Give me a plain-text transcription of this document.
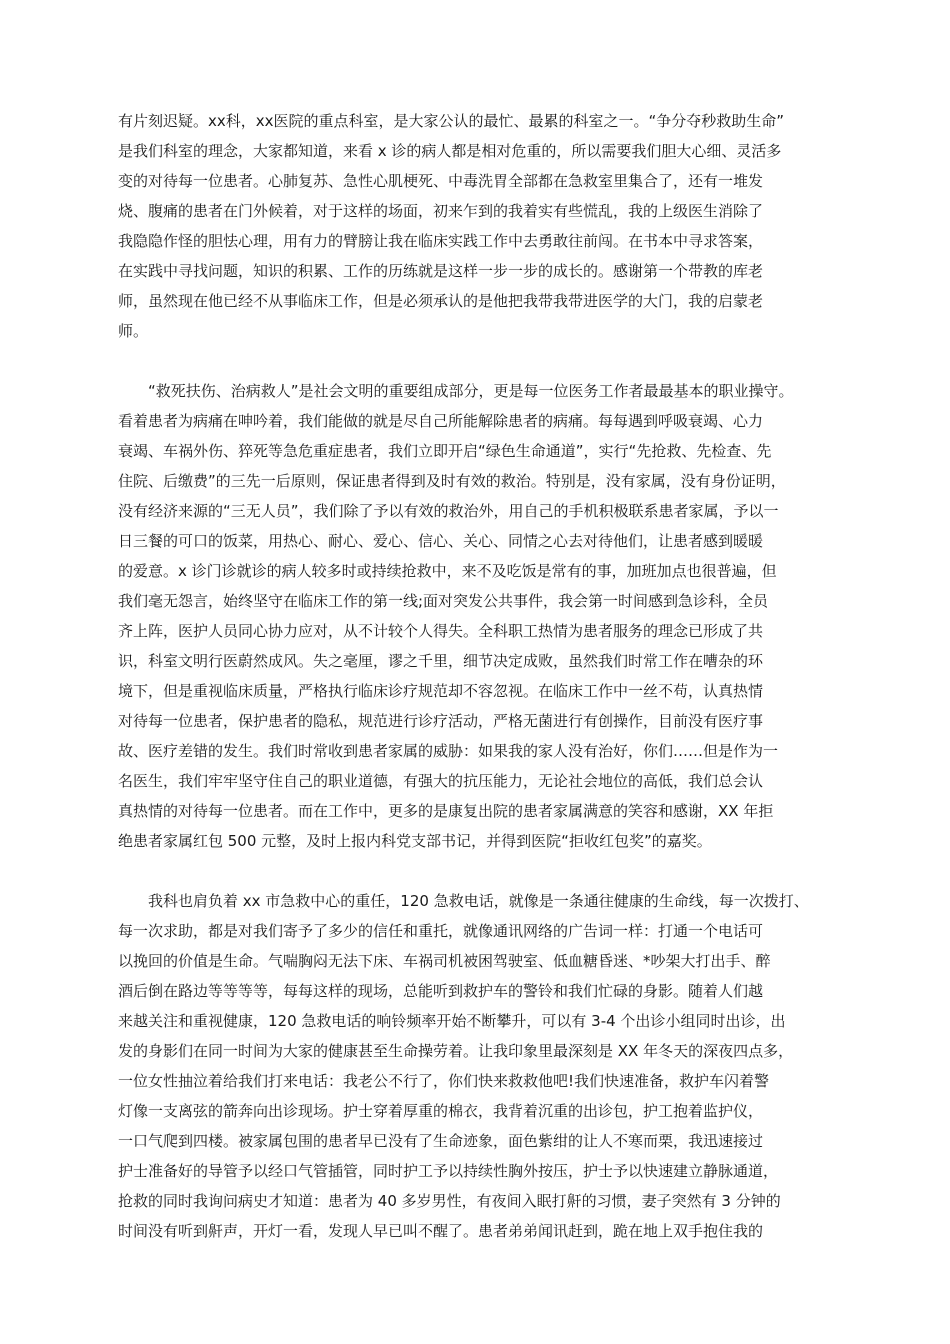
有片刻迟疑。xx科，xx医院的重点科室，是大家公认的最忙、最累的科室之一。“争分夺秒救助生命”
是我们科室的理念，大家都知道，来看 x 诊的病人都是相对危重的，所以需要我们胆大心细、灵活多
变的对待每一位患者。心肺复苏、急性心肌梗死、中毒洗胃全部都在急救室里集合了，还有一堆发
烧、腹痛的患者在门外候着，对于这样的场面，初来乍到的我着实有些慌乱，我的上级医生消除了
我隐隐作怪的胆怯心理，用有力的臂膀让我在临床实践工作中去勇敢往前闯。在书本中寻求答案，
在实践中寻找问题，知识的积累、工作的历练就是这样一步一步的成长的。感谢第一个带教的库老
师，虽然现在他已经不从事临床工作，但是必须承认的是他把我带我带进医学的大门，我的启蒙老
师。
“救死扶伤、治病救人”是社会文明的重要组成部分，更是每一位医务工作者最最基本的职业操守。
看着患者为病痛在呻吟着，我们能做的就是尽自己所能解除患者的病痛。每每遇到呼吸衰竭、心力
衰竭、车祸外伤、猝死等急危重症患者，我们立即开启“绿色生命通道”，实行“先抢救、先检查、先
住院、后缴费”的三先一后原则，保证患者得到及时有效的救治。特别是，没有家属，没有身份证明，
没有经济来源的“三无人员”，我们除了予以有效的救治外，用自己的手机积极联系患者家属，予以一
日三餐的可口的饭菜，用热心、耐心、爱心、信心、关心、同情之心去对待他们，让患者感到暖暖
的爱意。x 诊门诊就诊的病人较多时或持续抢救中，来不及吃饭是常有的事，加班加点也很普遍，但
我们毫无怨言，始终坚守在临床工作的第一线;面对突发公共事件，我会第一时间感到急诊科，全员
齐上阵，医护人员同心协力应对，从不计较个人得失。全科职工热情为患者服务的理念已形成了共
识，科室文明行医蔚然成风。失之毫厘，谬之千里，细节决定成败，虽然我们时常工作在嘈杂的环
境下，但是重视临床质量，严格执行临床诊疗规范却不容忽视。在临床工作中一丝不苟，认真热情
对待每一位患者，保护患者的隐私，规范进行诊疗活动，严格无菌进行有创操作，目前没有医疗事
故、医疗差错的发生。我们时常收到患者家属的威胁：如果我的家人没有治好，你们……但是作为一
名医生，我们牢牢坚守住自己的职业道德，有强大的抗压能力，无论社会地位的高低，我们总会认
真热情的对待每一位患者。而在工作中，更多的是康复出院的患者家属满意的笑容和感谢，XX 年拒
绝患者家属红包 500 元整，及时上报内科党支部书记，并得到医院“拒收红包奖”的嘉奖。
我科也肩负着 xx 市急救中心的重任，120 急救电话，就像是一条通往健康的生命线，每一次拨打、
每一次求助，都是对我们寄予了多少的信任和重托，就像通讯网络的广告词一样：打通一个电话可
以挽回的价值是生命。气喘胸闷无法下床、车祸司机被困驾驶室、低血糖昏迷、*吵架大打出手、醉
酒后倒在路边等等等等，每每这样的现场，总能听到救护车的警铃和我们忙碌的身影。随着人们越
来越关注和重视健康，120 急救电话的响铃频率开始不断攀升，可以有 3-4 个出诊小组同时出诊，出
发的身影们在同一时间为大家的健康甚至生命操劳着。让我印象里最深刻是 XX 年冬天的深夜四点多，
一位女性抽泣着给我们打来电话：我老公不行了，你们快来救救他吧!我们快速准备，救护车闪着警
灯像一支离弦的箭奔向出诊现场。护士穿着厚重的棉衣，我背着沉重的出诊包，护工抱着监护仪，
一口气爬到四楼。被家属包围的患者早已没有了生命迹象，面色紫绀的让人不寒而栗，我迅速接过
护士准备好的导管予以经口气管插管，同时护工予以持续性胸外按压，护士予以快速建立静脉通道，
抢救的同时我询问病史才知道：患者为 40 多岁男性，有夜间入眠打鼾的习惯，妻子突然有 3 分钟的
时间没有听到鼾声，开灯一看，发现人早已叫不醒了。患者弟弟闻讯赶到，跪在地上双手抱住我的
